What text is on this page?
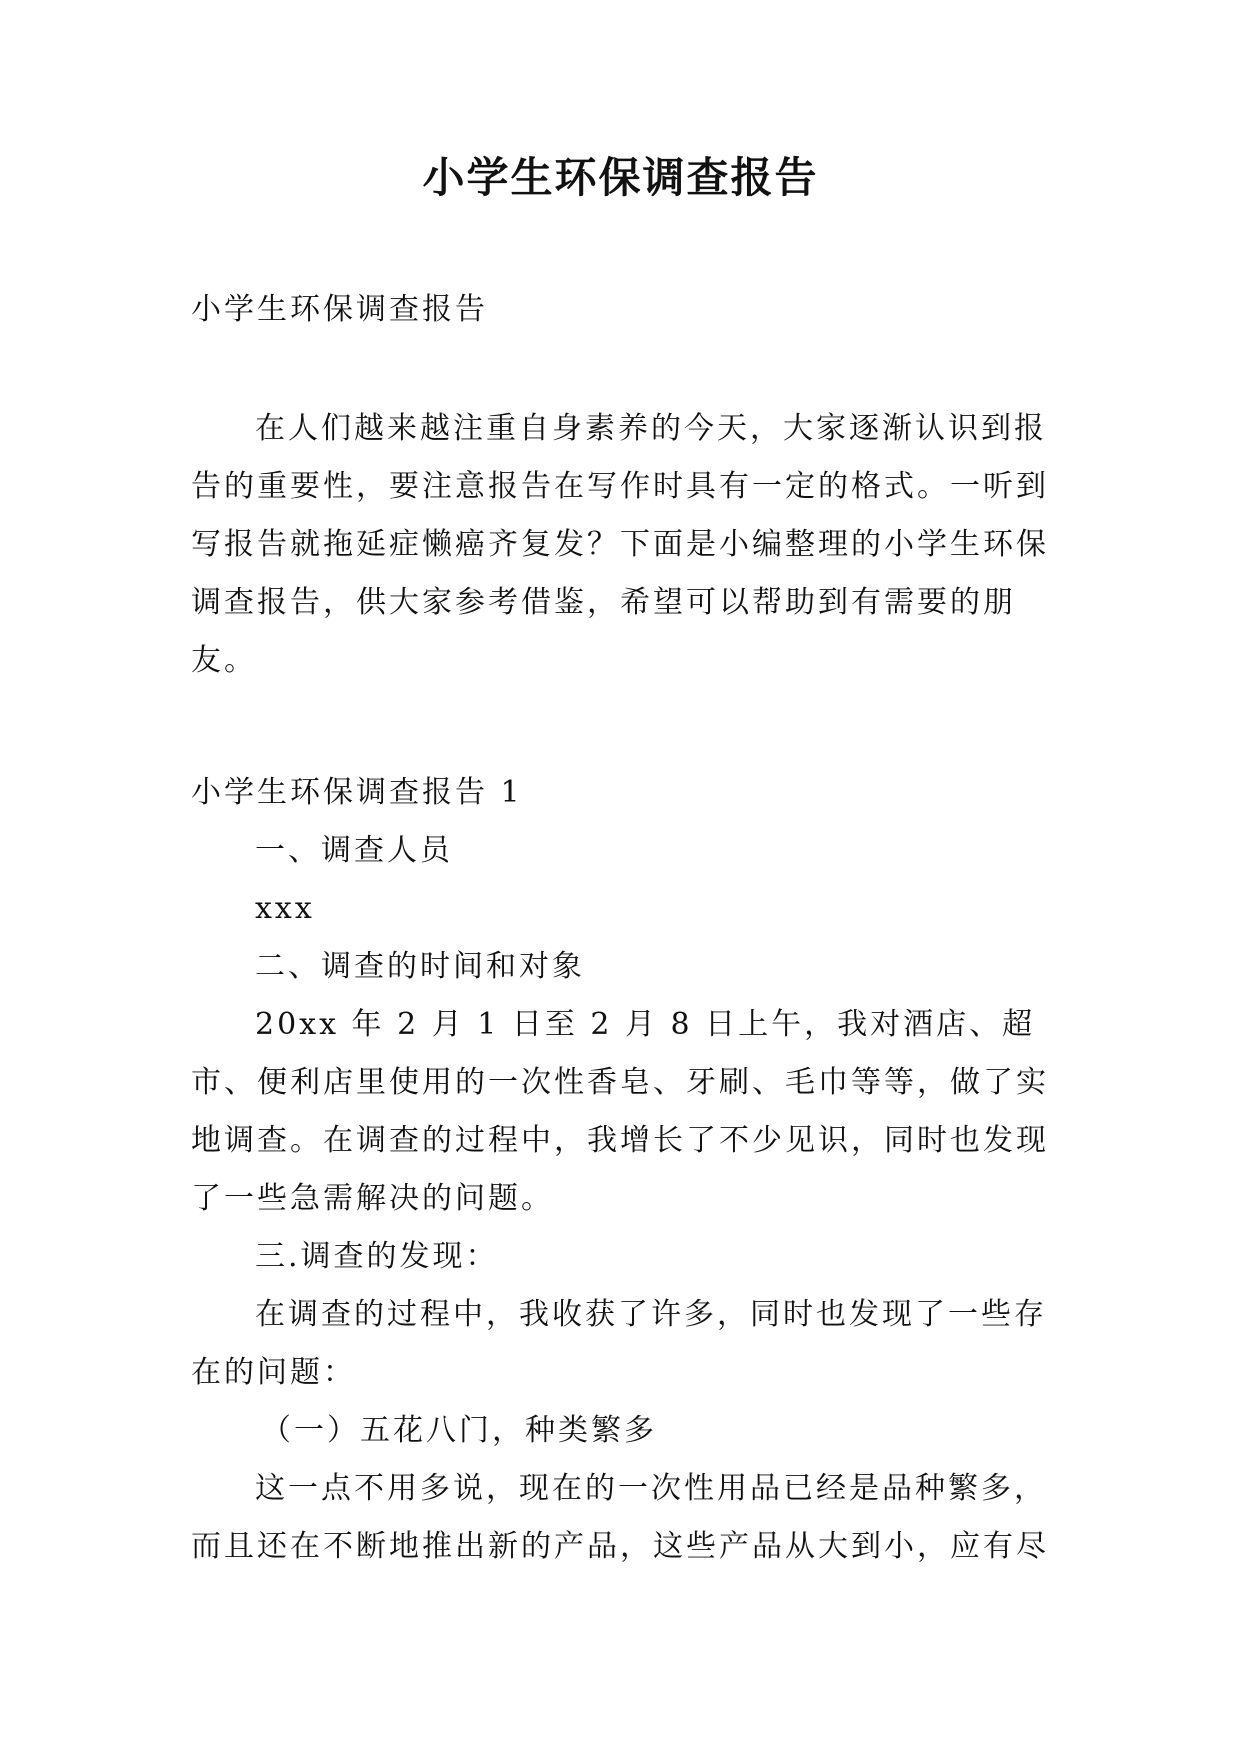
小学生环保调查报告
小学生环保调查报告
在人们越来越注重自身素养的今天，大家逐渐认识到报告的重要性，要注意报告在写作时具有一定的格式。一听到写报告就拖延症懒癌齐复发？下面是小编整理的小学生环保调查报告，供大家参考借鉴，希望可以帮助到有需要的朋友。

小学生环保调查报告 1

一、调查人员

xxx

二、调查的时间和对象

20xx 年 2 月 1 日至 2 月 8 日上午，我对酒店、超市、便利店里使用的一次性香皂、牙刷、毛巾等等，做了实地调查。在调查的过程中，我增长了不少见识，同时也发现了一些急需解决的问题。

三.调查的发现：

在调查的过程中，我收获了许多，同时也发现了一些存在的问题：

（一）五花八门，种类繁多

这一点不用多说，现在的一次性用品已经是品种繁多，而且还在不断地推出新的产品，这些产品从大到小，应有尽
